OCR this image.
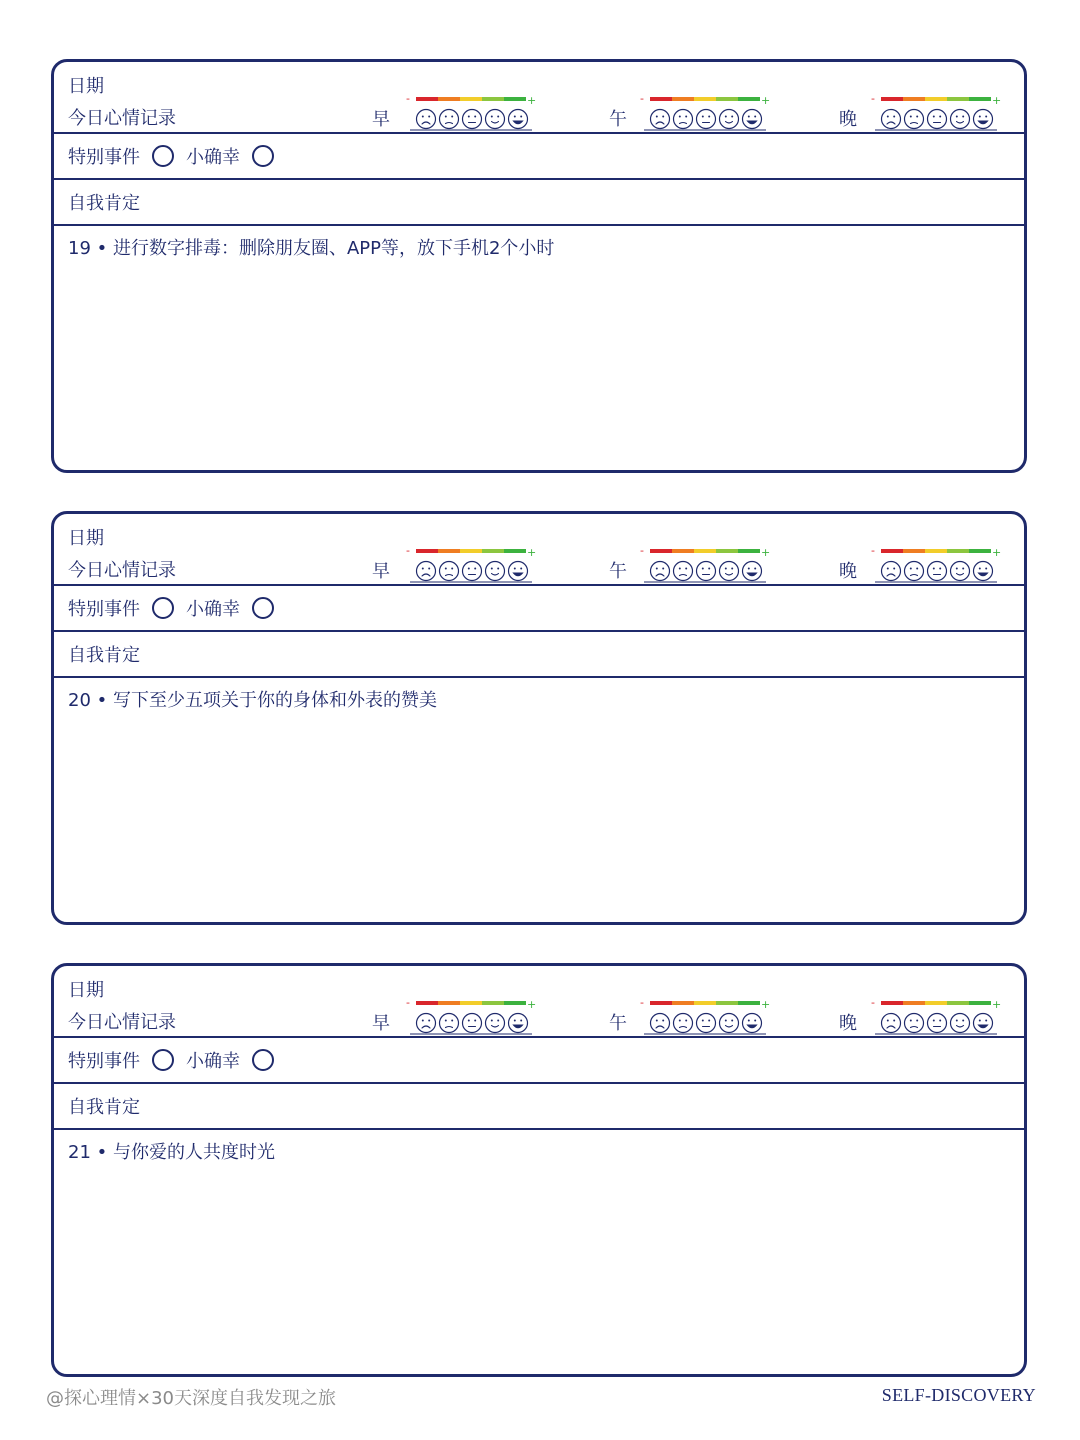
日期
今日心情记录	早
-	+
午
-	+
晚
-	+
特别事件	小确幸
自我肯定
19 • 进行数字排毒：删除朋友圈、APP等，放下手机2个小时
日期
今日心情记录	早
-	+
午
-	+
晚
-	+
特别事件	小确幸
自我肯定
20 • 写下至少五项关于你的身体和外表的赞美
日期
今日心情记录	早
-	+
午
-	+
晚
-	+
特别事件	小确幸
自我肯定
21 • 与你爱的人共度时光
@探心理情×30天深度自我发现之旅	SELF-DISCOVERY
